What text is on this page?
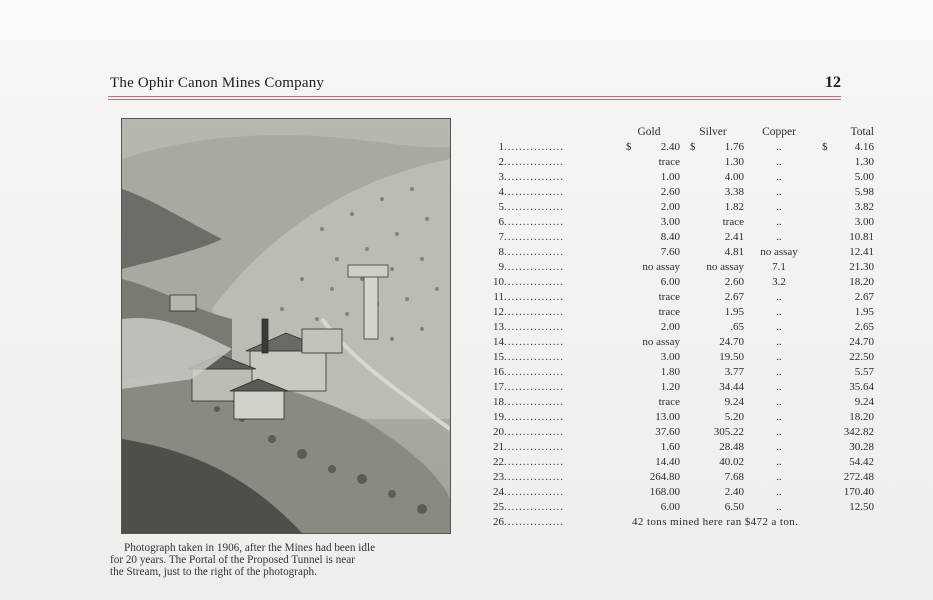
The Ophir Canon Mines Company	12
Photograph taken in 1906, after the Mines had been idle
for 20 years. The Portal of the Proposed Tunnel is near
the Stream, just to the right of the photograph.
	Gold	Silver	Copper	Total
1................	$ 2.40	$ 1.76	..	$ 4.16
2................	trace	1.30	..	1.30
3................	1.00	4.00	..	5.00
4................	2.60	3.38	..	5.98
5................	2.00	1.82	..	3.82
6................	3.00	trace	..	3.00
7................	8.40	2.41	..	10.81
8................	7.60	4.81	no assay	12.41
9................	no assay	no assay	7.1	21.30
10................	6.00	2.60	3.2	18.20
11................	trace	2.67	..	2.67
12................	trace	1.95	..	1.95
13................	2.00	.65	..	2.65
14................	no assay	24.70	..	24.70
15................	3.00	19.50	..	22.50
16................	1.80	3.77	..	5.57
17................	1.20	34.44	..	35.64
18................	trace	9.24	..	9.24
19................	13.00	5.20	..	18.20
20................	37.60	305.22	..	342.82
21................	1.60	28.48	..	30.28
22................	14.40	40.02	..	54.42
23................	264.80	7.68	..	272.48
24................	168.00	2.40	..	170.40
25................	6.00	6.50	..	12.50
26................	42 tons mined here ran $472 a ton.			
